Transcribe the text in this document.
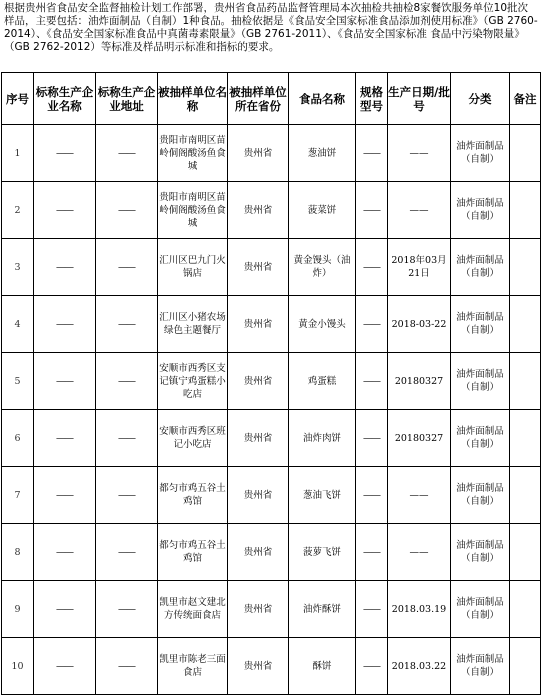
根据贵州省食品安全监督抽检计划工作部署，贵州省食品药品监督管理局本次抽检共抽检8家餐饮服务单位10批次样品，主要包括：油炸面制品（自制）1种食品。抽检依据是《食品安全国家标准食品添加剂使用标准》（GB 2760-2014）、《食品安全国家标准食品中真菌毒素限量》（GB 2761-2011）、《食品安全国家标准 食品中污染物限量》（GB 2762-2012）等标准及样品明示标准和指标的要求。
序号	标称生产企业名称	标称生产企业地址	被抽样单位名称	被抽样单位所在省份	食品名称	规格型号	生产日期/批号	分类	备注
1	——	——	贵阳市南明区苗岭侗阁酸汤鱼食城	贵州省	葱油饼	——	——	油炸面制品（自制）	
2	——	——	贵阳市南明区苗岭侗阁酸汤鱼食城	贵州省	菠菜饼	——	——	油炸面制品（自制）	
3	——	——	汇川区巴九门火锅店	贵州省	黄金馒头（油炸）	——	2018年03月21日	油炸面制品（自制）	
4	——	——	汇川区小猪农场绿色主题餐厅	贵州省	黄金小馒头	——	2018-03-22	油炸面制品（自制）	
5	——	——	安顺市西秀区支记镇宁鸡蛋糕小吃店	贵州省	鸡蛋糕	——	20180327	油炸面制品（自制）	
6	——	——	安顺市西秀区班记小吃店	贵州省	油炸肉饼	——	20180327	油炸面制品（自制）	
7	——	——	都匀市鸡五谷土鸡馆	贵州省	葱油飞饼	——	——	油炸面制品（自制）	
8	——	——	都匀市鸡五谷土鸡馆	贵州省	菠萝飞饼	——	——	油炸面制品（自制）	
9	——	——	凯里市赵文建北方传统面食店	贵州省	油炸酥饼	——	2018.03.19	油炸面制品（自制）	
10	——	——	凯里市陈老三面食店	贵州省	酥饼	——	2018.03.22	油炸面制品（自制）	
